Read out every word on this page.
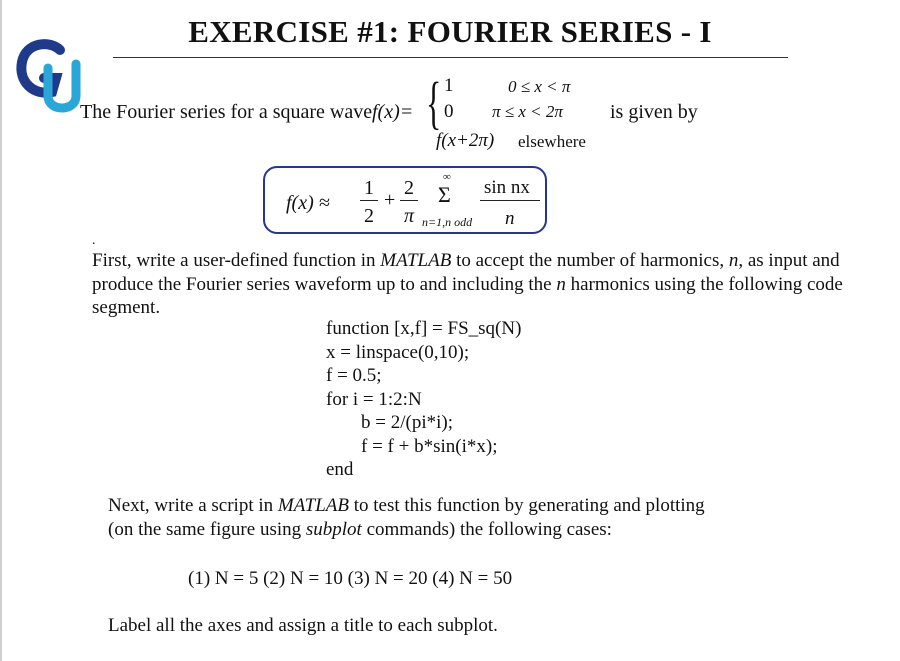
EXERCISE #1: FOURIER SERIES - I
The Fourier series for a square wave f(x)= { 1	0 ≤ x < π
0 π ≤ x < 2π
f(x+2π) elsewhere
is given by
f(x) ≈
1
2
+
2
π
∞
Σ
n=1,n odd
sin nx
n
.
First, write a user-defined function in MATLAB to accept the number of harmonics, n, as input and produce the Fourier series waveform up to and including the n harmonics using the following code segment.
function [x,f] = FS_sq(N)
x = linspace(0,10);
f = 0.5;
for i = 1:2:N
b = 2/(pi*i);
f = f + b*sin(i*x);
end
Next, write a script in MATLAB to test this function by generating and plotting
(on the same figure using subplot commands) the following cases:
(1) N = 5 (2) N = 10 (3) N = 20 (4) N = 50
Label all the axes and assign a title to each subplot.
